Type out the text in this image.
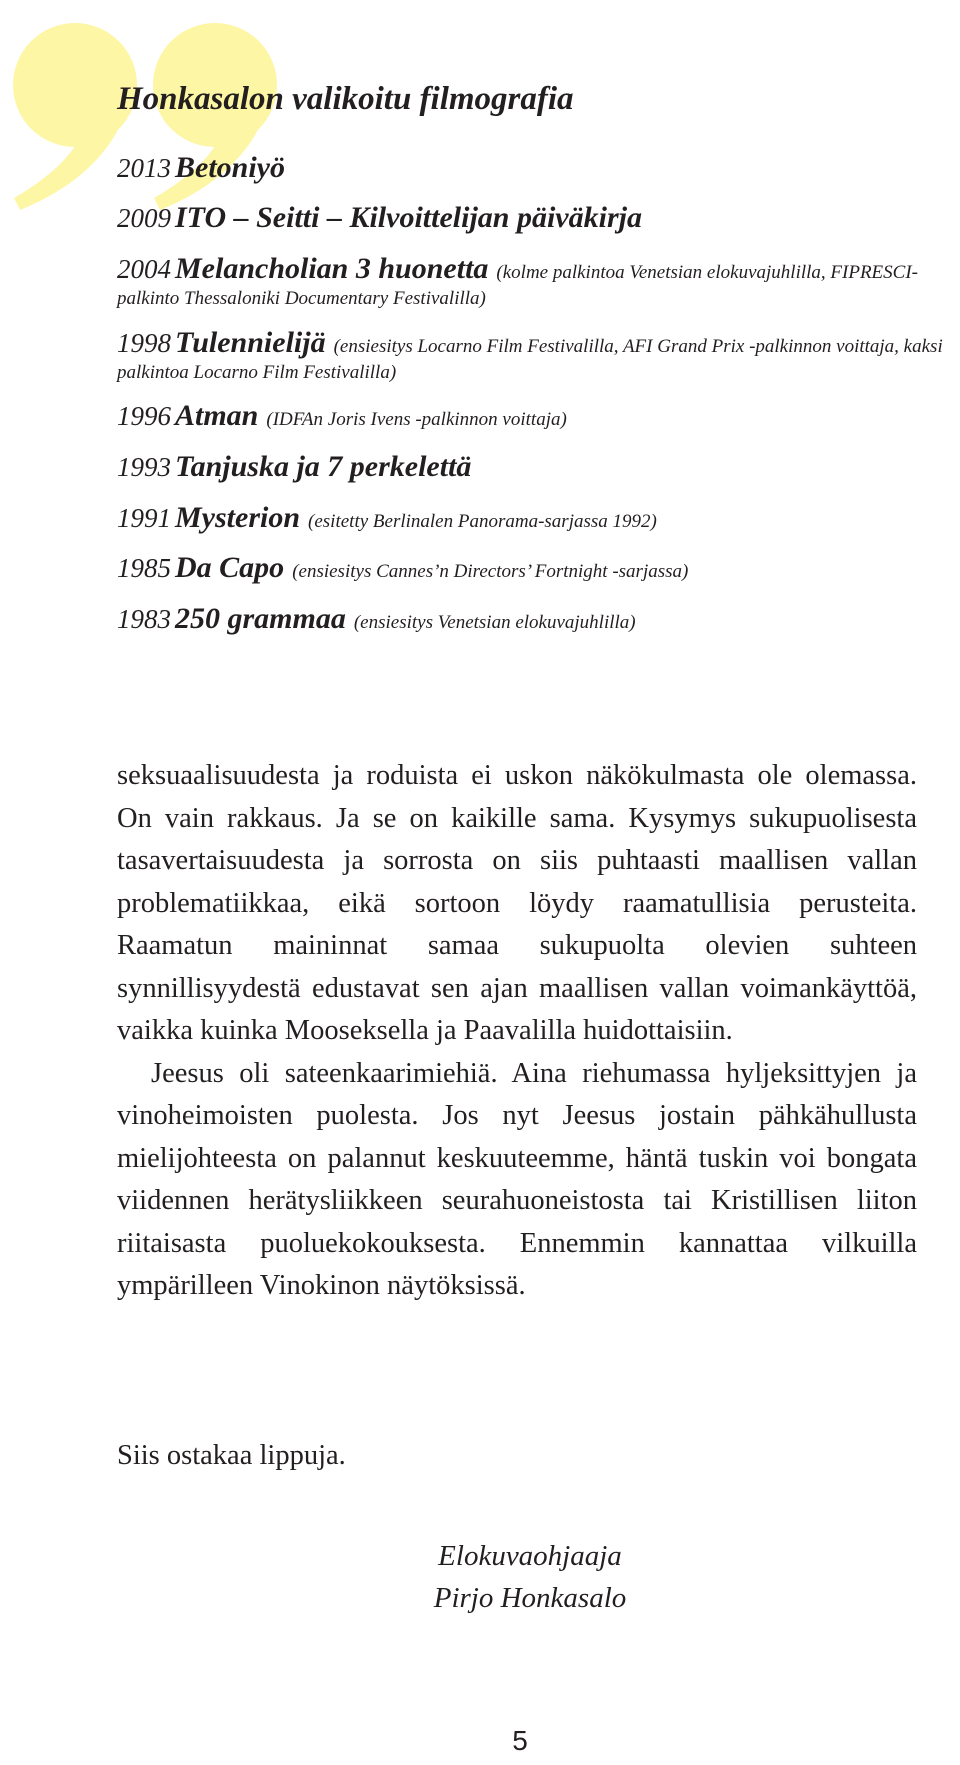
Honkasalon valikoitu filmografia

2013 Betoniyö

2009 ITO – Seitti – Kilvoittelijan päiväkirja

2004 Melancholian 3 huonetta (kolme palkintoa Venetsian elokuvajuhlilla, FIPRESCI-palkinto Thessaloniki Documentary Festivalilla)

1998 Tulennielijä (ensiesitys Locarno Film Festivalilla, AFI Grand Prix -palkinnon voittaja, kaksi palkintoa Locarno Film Festivalilla)

1996 Atman (IDFAn Joris Ivens -palkinnon voittaja)

1993 Tanjuska ja 7 perkelettä

1991 Mysterion (esitetty Berlinalen Panorama-sarjassa 1992)

1985 Da Capo (ensiesitys Cannes’n Directors’ Fortnight -sarjassa)

1983 250 grammaa (ensiesitys Venetsian elokuvajuhlilla)

seksuaalisuudesta ja roduista ei uskon näkökulmasta ole olemassa. On vain rakkaus. Ja se on kaikille sama. Kysymys sukupuolisesta tasavertaisuudesta ja sorrosta on siis puhtaasti maallisen vallan problematiikkaa, eikä sortoon löydy raamatullisia perusteita. Raamatun maininnat samaa sukupuolta olevien suhteen synnillisyydestä edustavat sen ajan maallisen vallan voimankäyttöä, vaikka kuinka Mooseksella ja Paavalilla huidottaisiin.

Jeesus oli sateenkaarimiehiä. Aina riehumassa hyljeksittyjen ja vinoheimoisten puolesta. Jos nyt Jeesus jostain pähkähullusta mielijohteesta on palannut keskuuteemme, häntä tuskin voi bongata viidennen herätysliikkeen seurahuoneistosta tai Kristillisen liiton riitaisasta puoluekokouksesta. Ennemmin kannattaa vilkuilla ympärilleen Vinokinon näytöksissä.

Siis ostakaa lippuja.

Elokuvaohjaaja
Pirjo Honkasalo
5
